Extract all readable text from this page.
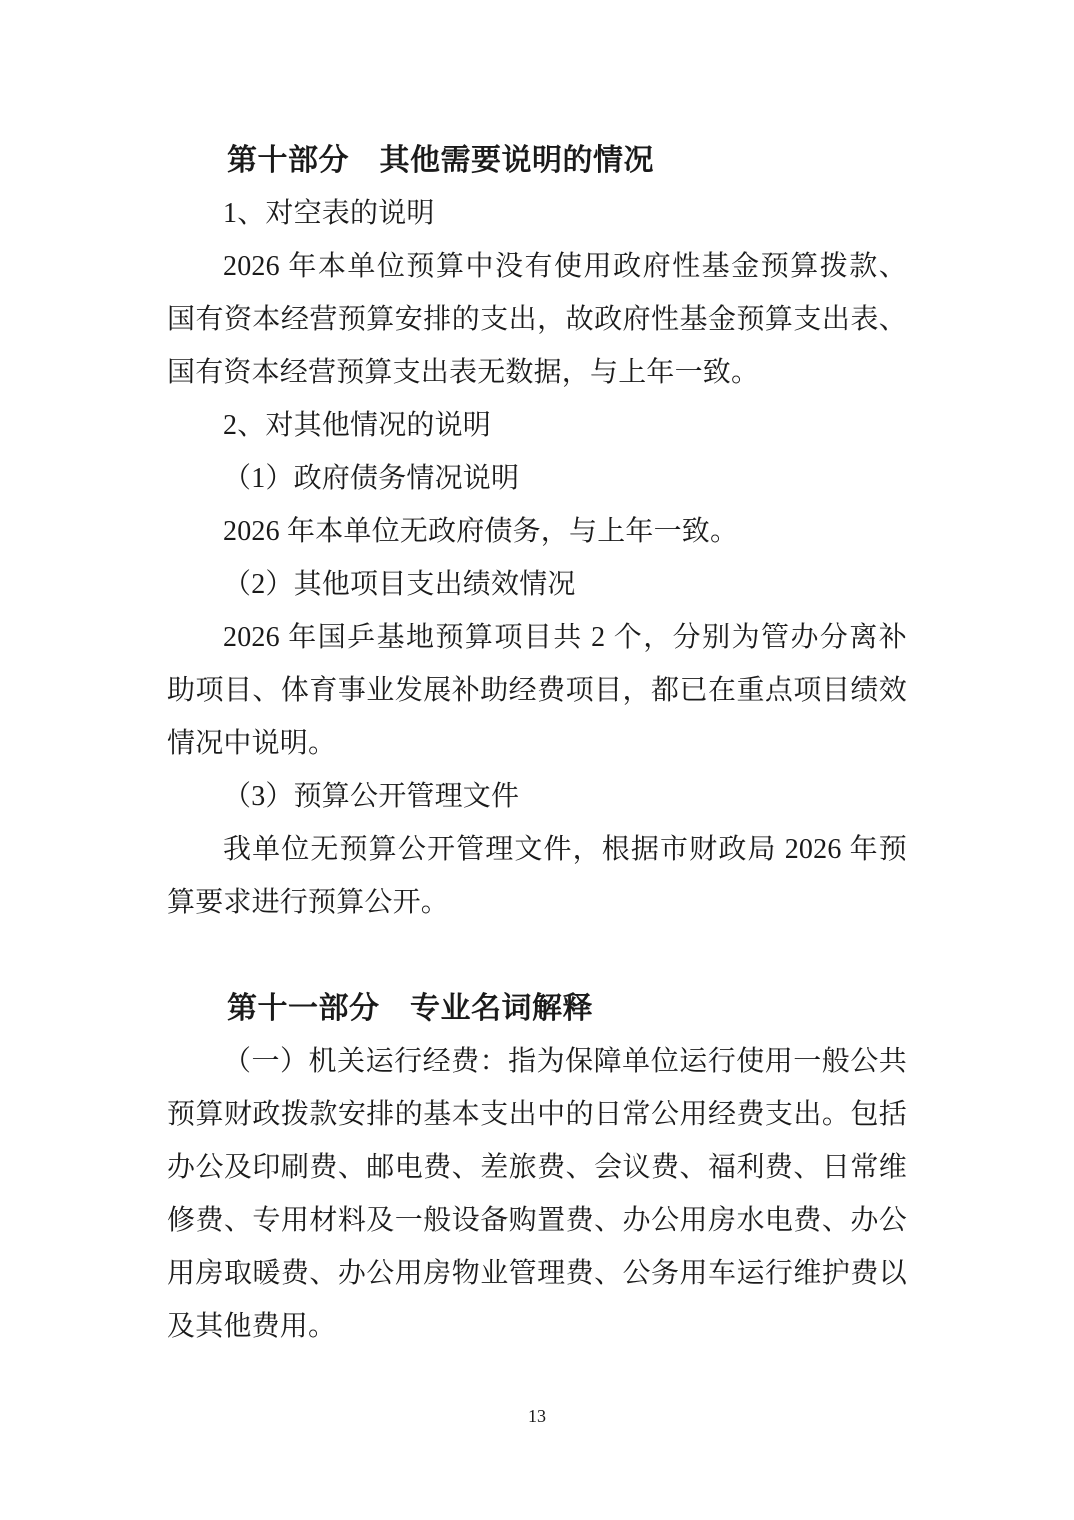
第十部分　其他需要说明的情况

1、对空表的说明

2026 年本单位预算中没有使用政府性基金预算拨款、国有资本经营预算安排的支出，故政府性基金预算支出表、国有资本经营预算支出表无数据，与上年一致。

2、对其他情况的说明

（1）政府债务情况说明

2026 年本单位无政府债务，与上年一致。

（2）其他项目支出绩效情况

2026 年国乒基地预算项目共 2 个，分别为管办分离补助项目、体育事业发展补助经费项目，都已在重点项目绩效情况中说明。

（3）预算公开管理文件

我单位无预算公开管理文件，根据市财政局 2026 年预算要求进行预算公开。

第十一部分　专业名词解释

（一）机关运行经费：指为保障单位运行使用一般公共预算财政拨款安排的基本支出中的日常公用经费支出。包括办公及印刷费、邮电费、差旅费、会议费、福利费、日常维修费、专用材料及一般设备购置费、办公用房水电费、办公用房取暖费、办公用房物业管理费、公务用车运行维护费以及其他费用。

13
